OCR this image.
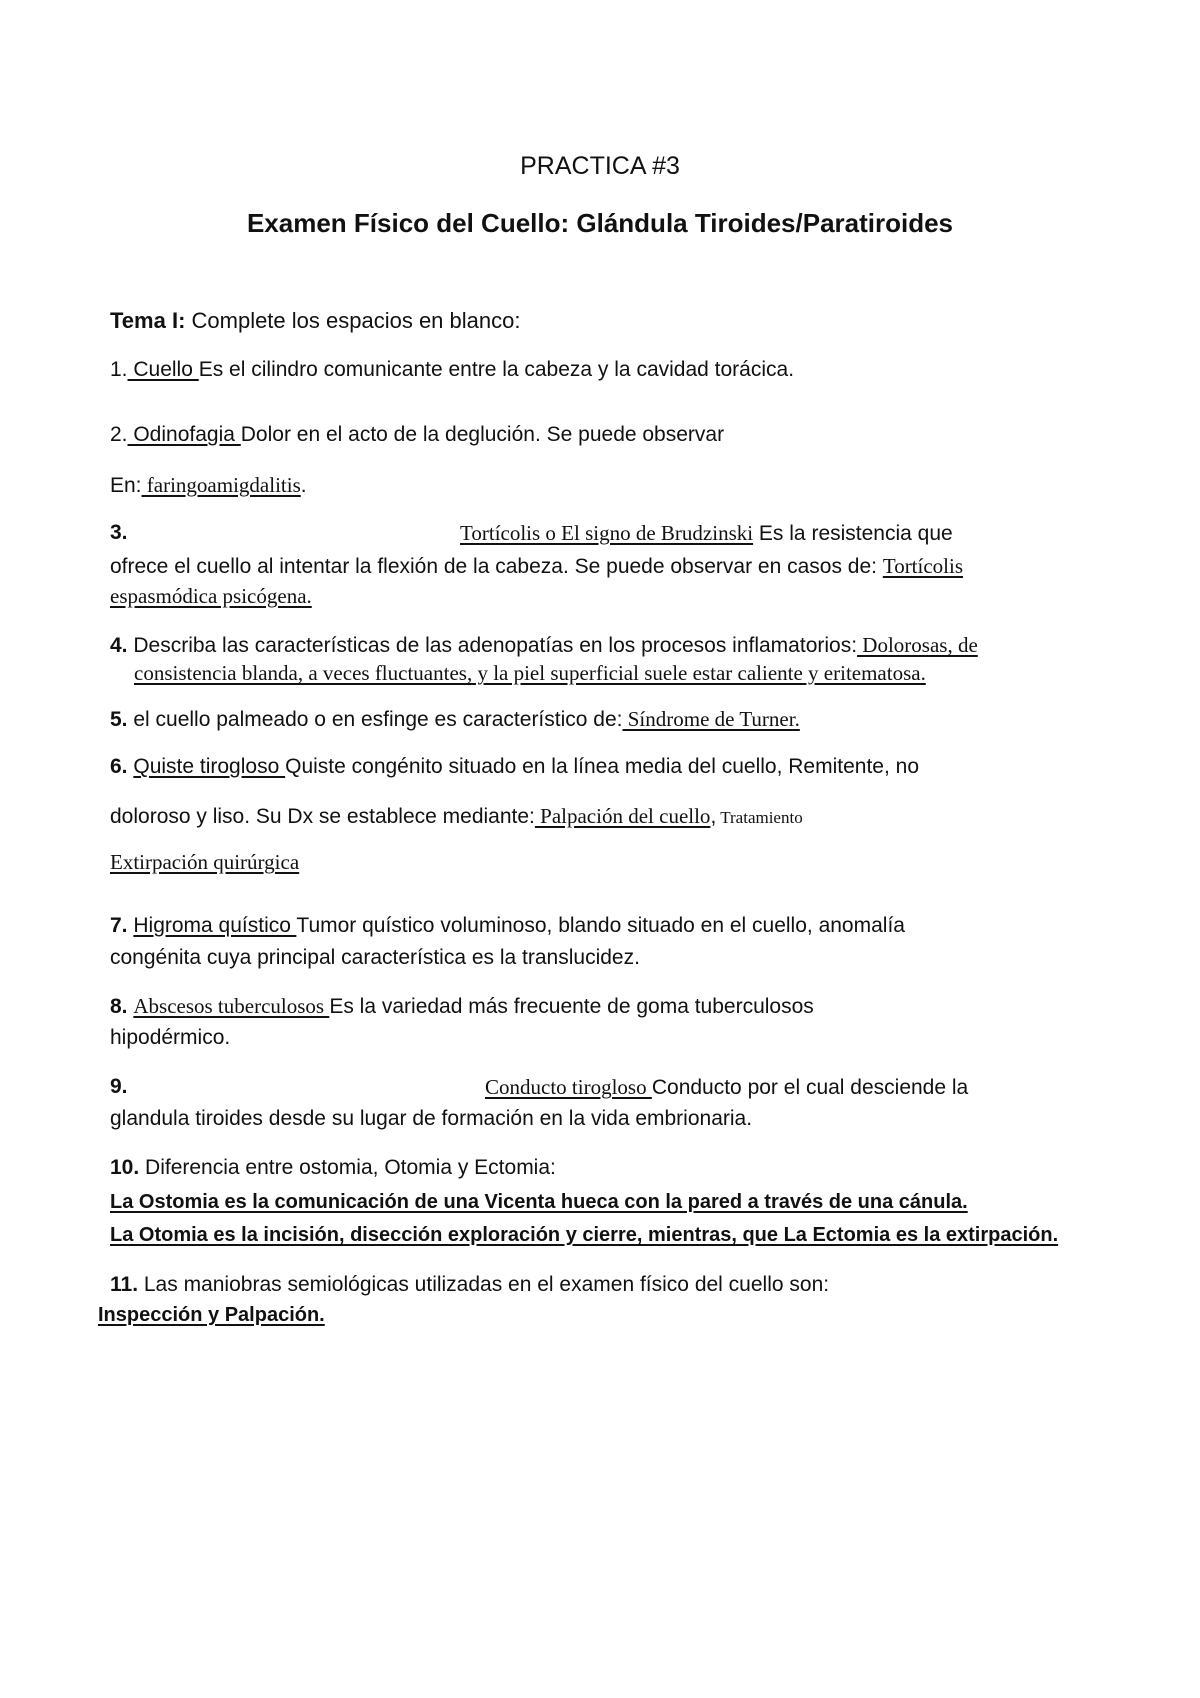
PRACTICA #3
Examen Físico del Cuello: Glándula Tiroides/Paratiroides
Tema I: Complete los espacios en blanco:
1. Cuello Es el cilindro comunicante entre la cabeza y la cavidad torácica.
2. Odinofagia Dolor en el acto de la deglución. Se puede observar
En: faringoamigdalitis.
3.	Tortícolis o El signo de Brudzinski Es la resistencia que
ofrece el cuello al intentar la flexión de la cabeza. Se puede observar en casos de: Tortícolis
espasmódica psicógena.
4. Describa las características de las adenopatías en los procesos inflamatorios: Dolorosas, de
consistencia blanda, a veces fluctuantes, y la piel superficial suele estar caliente y eritematosa.
5. el cuello palmeado o en esfinge es característico de: Síndrome de Turner.
6. Quiste tirogloso Quiste congénito situado en la línea media del cuello, Remitente, no
doloroso y liso. Su Dx se establece mediante: Palpación del cuello, Tratamiento
Extirpación quirúrgica
7. Higroma quístico Tumor quístico voluminoso, blando situado en el cuello, anomalía
congénita cuya principal característica es la translucidez.
8. Abscesos tuberculosos Es la variedad más frecuente de goma tuberculosos
hipodérmico.
9.	Conducto tirogloso Conducto por el cual desciende la
glandula tiroides desde su lugar de formación en la vida embrionaria.
10. Diferencia entre ostomia, Otomia y Ectomia:
La Ostomia es la comunicación de una Vicenta hueca con la pared a través de una cánula.
La Otomia es la incisión, disección exploración y cierre, mientras, que La Ectomia es la extirpación.
11. Las maniobras semiológicas utilizadas en el examen físico del cuello son:
Inspección y Palpación.
